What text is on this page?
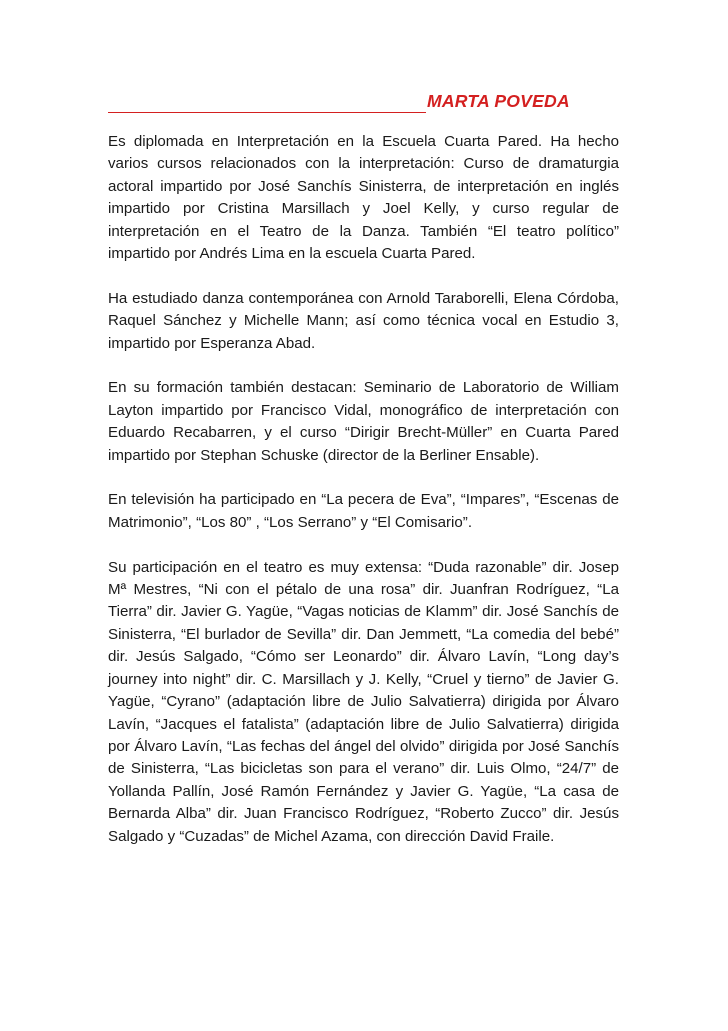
MARTA POVEDA

Es diplomada en Interpretación en la Escuela Cuarta Pared. Ha hecho varios cursos relacionados con la interpretación: Curso de dramaturgia actoral impartido por José Sanchís Sinisterra, de interpretación en inglés impartido por Cristina Marsillach y Joel Kelly, y curso regular de interpretación en el Teatro de la Danza. También “El teatro político” impartido por Andrés Lima en la escuela Cuarta Pared.

Ha estudiado danza contemporánea con Arnold Taraborelli, Elena Córdoba, Raquel Sánchez y Michelle Mann; así como técnica vocal en Estudio 3, impartido por Esperanza Abad.

En su formación también destacan: Seminario de Laboratorio de William Layton impartido por Francisco Vidal, monográfico de interpretación con Eduardo Recabarren, y el curso “Dirigir Brecht-Müller” en Cuarta Pared impartido por Stephan Schuske (director de la Berliner Ensable).

En televisión ha participado en “La pecera de Eva”, “Impares”, “Escenas de Matrimonio”, “Los 80” , “Los Serrano” y “El Comisario”.

Su participación en el teatro es muy extensa: “Duda razonable” dir. Josep Mª Mestres, “Ni con el pétalo de una rosa” dir. Juanfran Rodríguez, “La Tierra” dir. Javier G. Yagüe, “Vagas noticias de Klamm” dir. José Sanchís de Sinisterra, “El burlador de Sevilla” dir. Dan Jemmett, “La comedia del bebé” dir. Jesús Salgado, “Cómo ser Leonardo” dir. Álvaro Lavín, “Long day’s journey into night” dir. C. Marsillach y J. Kelly, “Cruel y tierno” de Javier G. Yagüe, “Cyrano” (adaptación libre de Julio Salvatierra) dirigida por Álvaro Lavín, “Jacques el fatalista” (adaptación libre de Julio Salvatierra) dirigida por Álvaro Lavín, “Las fechas del ángel del olvido” dirigida por José Sanchís de Sinisterra, “Las bicicletas son para el verano” dir. Luis Olmo, “24/7” de Yollanda Pallín, José Ramón Fernández y Javier G. Yagüe, “La casa de Bernarda Alba” dir. Juan Francisco Rodríguez, “Roberto Zucco” dir. Jesús Salgado y “Cuzadas” de Michel Azama, con dirección David Fraile.
